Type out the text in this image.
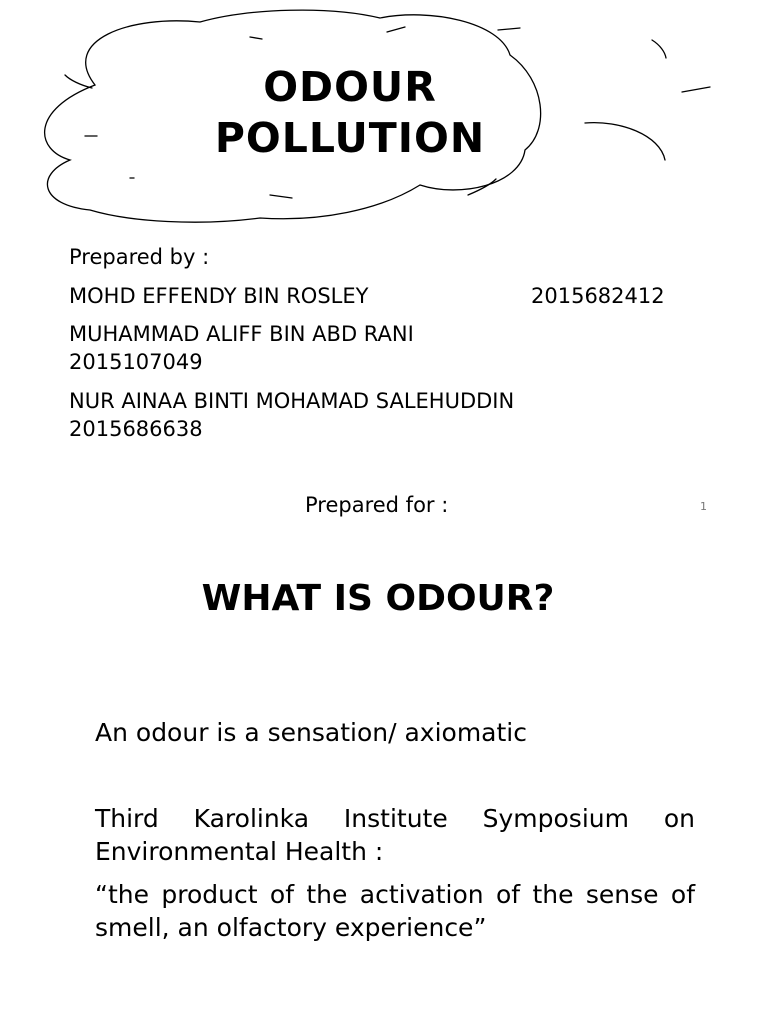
ODOUR
POLLUTION
Prepared by :
MOHD EFFENDY BIN ROSLEY	2015682412
MUHAMMAD ALIFF BIN ABD RANI
2015107049
NUR AINAA BINTI MOHAMAD SALEHUDDIN
2015686638
Prepared for :	1
WHAT IS ODOUR?
An odour is a sensation/ axiomatic
Third Karolinka Institute Symposium on Environmental Health :
“the product of the activation of the sense of smell, an olfactory experience”
